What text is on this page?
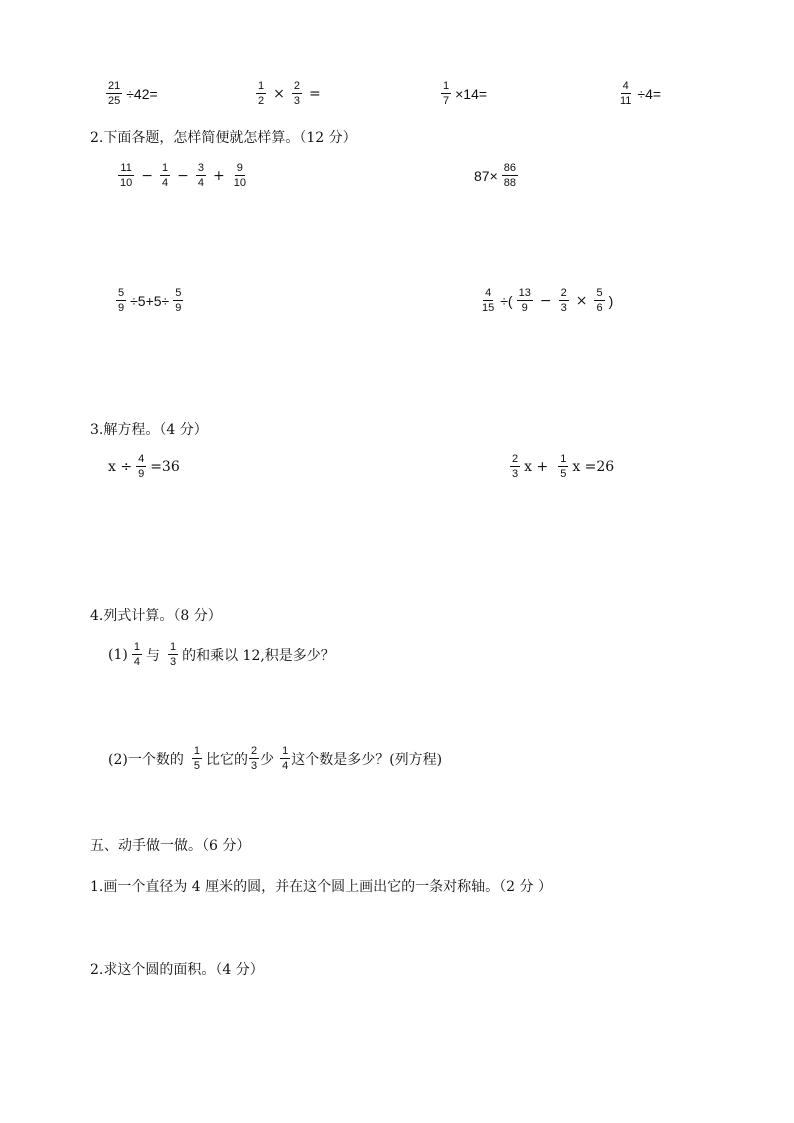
$\frac{21}{25} \div 42=$	$\frac{1}{2} \times \frac{2}{3}$ =	$\frac{1}{7} \times 14=$	$\frac{4}{11} \div 4=$
2.下面各题，怎样简便就怎样算。（12 分）
$\frac{11}{10} - \frac{1}{4} - \frac{3}{4} + \frac{9}{10}$	$87\times \frac{86}{88}$
$\frac{5}{9} \div 5+5\div \frac{5}{9}$	$\frac{4}{15}$ ÷( $\frac{13}{9} - \frac{2}{3} \times \frac{5}{6}$ )
3.解方程。（4 分）
$x \div \frac{4}{9} =36$	$\frac{2}{3}$ $x + \frac{1}{5}$ x =26
4.列式计算。（8 分）
$(1) \frac{1}{4}$ 与 $\frac{1}{3}$ 的和乘以 12,积是多少？
(2)一个数的 $\frac{1}{5}$ 比它的 $\frac{2}{3}$ 少 $\frac{1}{4}$ 这个数是多少？(列方程)
五、动手做一做。（6 分）
1.画一个直径为 4 厘米的圆，并在这个圆上画出它的一条对称轴。（2 分 ）
2.求这个圆的面积。（4 分）
